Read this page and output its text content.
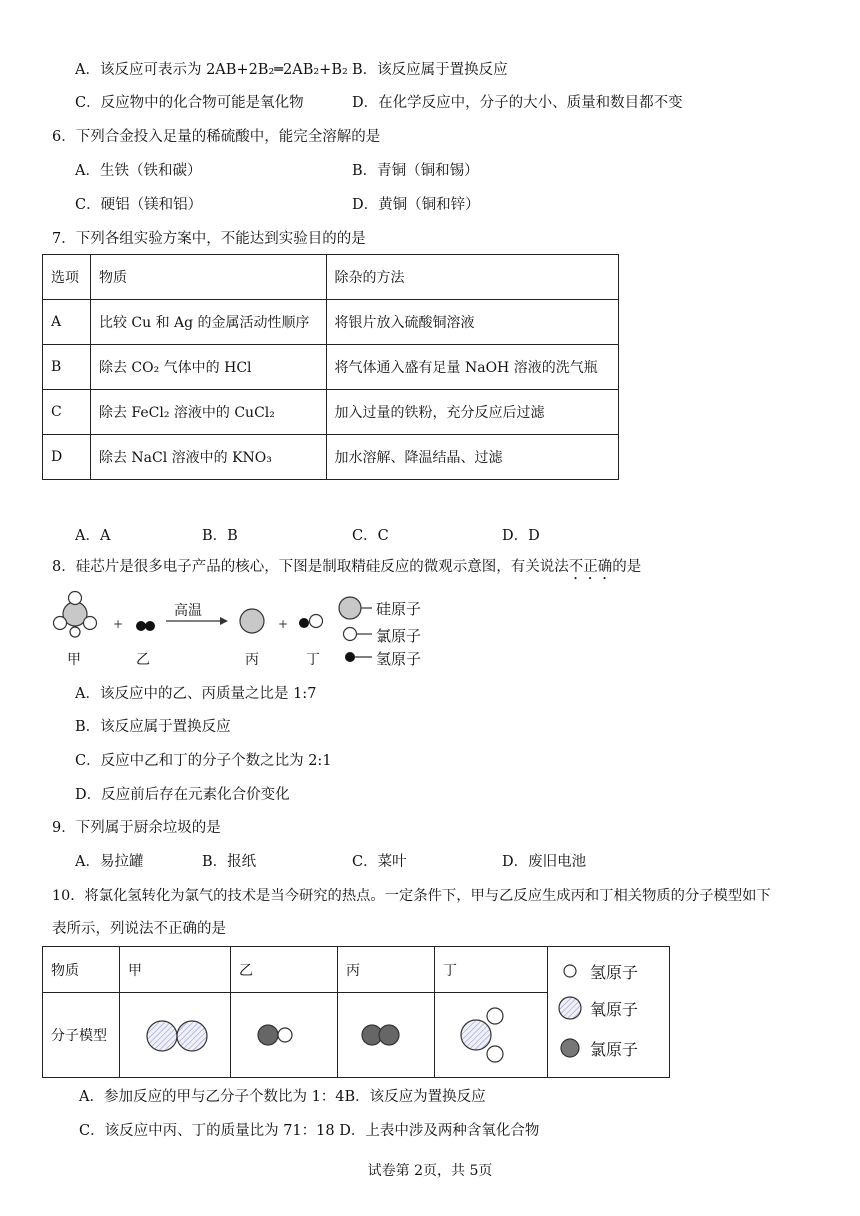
A．该反应可表示为 2AB+2B₂═2AB₂+B₂ B．该反应属于置换反应
C．反应物中的化合物可能是氧化物	D．在化学反应中，分子的大小、质量和数目都不变
6．下列合金投入足量的稀硫酸中，能完全溶解的是
A．生铁（铁和碳）	B．青铜（铜和锡）
C．硬铝（镁和铝）	D．黄铜（铜和锌）
7．下列各组实验方案中，不能达到实验目的的是
选项	物质	除杂的方法
A	比较 Cu 和 Ag 的金属活动性顺序	将银片放入硫酸铜溶液
B	除去 CO₂ 气体中的 HCl	将气体通入盛有足量 NaOH 溶液的洗气瓶
C	除去 FeCl₂ 溶液中的 CuCl₂	加入过量的铁粉，充分反应后过滤
D	除去 NaCl 溶液中的 KNO₃	加水溶解、降温结晶、过滤
A．A	B．B	C．C	D．D
8．硅芯片是很多电子产品的核心，下图是制取精硅反应的微观示意图，有关说法不正确的是
+	+
高温	硅原子
氯原子
氢原子
甲	乙	丙	丁
A．该反应中的乙、丙质量之比是 1:7
B．该反应属于置换反应
C．反应中乙和丁的分子个数之比为 2:1
D．反应前后存在元素化合价变化
9．下列属于厨余垃圾的是
A．易拉罐	B．报纸	C．菜叶	D．废旧电池
10．将氯化氢转化为氯气的技术是当今研究的热点。一定条件下，甲与乙反应生成丙和丁相关物质的分子模型如下
表所示，列说法不正确的是
物质	甲	乙	丙	丁	

分子模型	

氢原子
氧原子
氯原子
A．参加反应的甲与乙分子个数比为 1：4B．该反应为置换反应
C．该反应中丙、丁的质量比为 71：18 D．上表中涉及两种含氧化合物
试卷第 2页，共 5页
